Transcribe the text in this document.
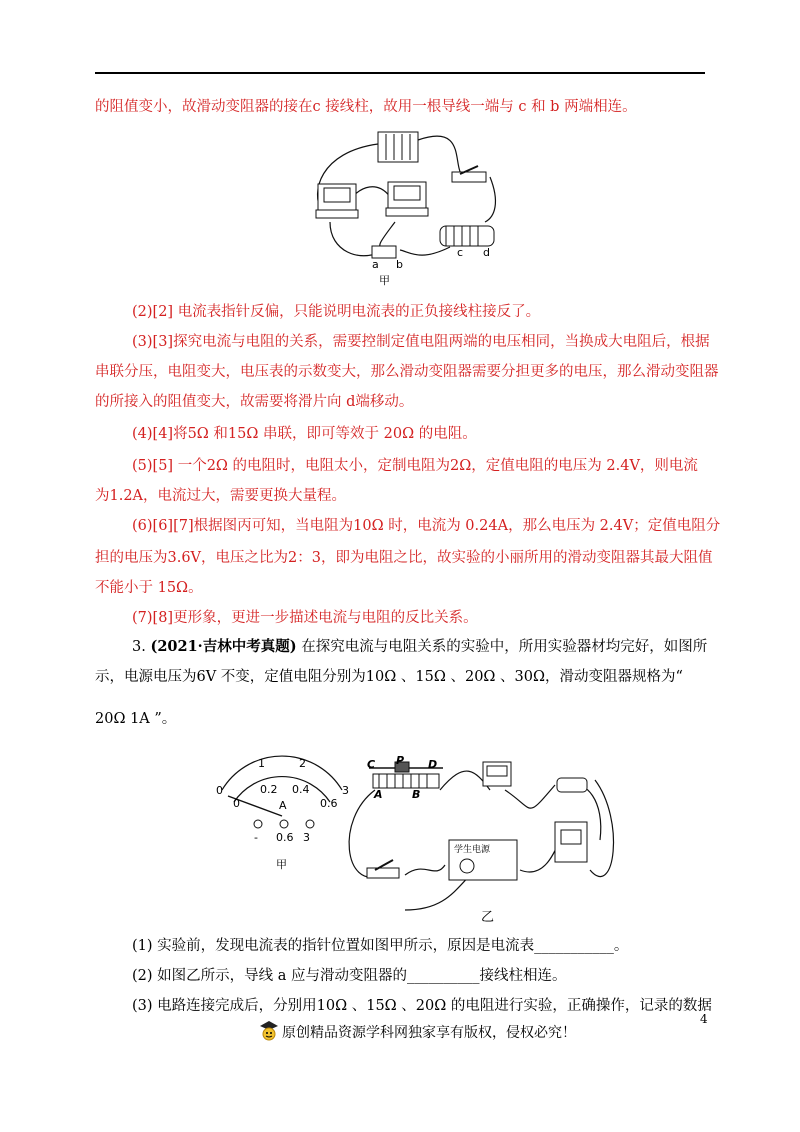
的阻值变小，故滑动变阻器的接在c 接线柱，故用一根导线一端与 c 和 b 两端相连。
a b
c d
甲
(2)[2] 电流表指针反偏，只能说明电流表的正负接线柱接反了。
(3)[3]探究电流与电阻的关系，需要控制定值电阻两端的电压相同，当换成大电阻后，根据
串联分压，电阻变大，电压表的示数变大，那么滑动变阻器需要分担更多的电压，那么滑动变阻器
的所接入的阻值变大，故需要将滑片向 d端移动。
(4)[4]将5Ω 和15Ω 串联，即可等效于 20Ω 的电阻。
(5)[5] 一个2Ω 的电阻时，电阻太小，定制电阻为2Ω，定值电阻的电压为 2.4V，则电流
为1.2A，电流过大，需要更换大量程。
(6)[6][7]根据图丙可知，当电阻为10Ω 时，电流为 0.24A，那么电压为 2.4V；定值电阻分
担的电压为3.6V，电压之比为2：3，即为电阻之比，故实验的小丽所用的滑动变阻器其最大阻值
不能小于 15Ω。
(7)[8]更形象，更进一步描述电流与电阻的反比关系。
3. (2021·吉林中考真题) 在探究电流与电阻关系的实验中，所用实验器材均完好，如图所
示，电源电压为6V 不变，定值电阻分别为10Ω 、15Ω 、20Ω 、30Ω，滑动变阻器规格为“
20Ω 1A ”。
1	2
0	3
0
0.2 0.4
0.6
A
- 0.6 3
甲
C P D
A	B
学生电源
乙
(1) 实验前，发现电流表的指针位置如图甲所示，原因是电流表___________。
(2) 如图乙所示，导线 a 应与滑动变阻器的__________接线柱相连。
(3) 电路连接完成后，分别用10Ω 、15Ω 、20Ω 的电阻进行实验，正确操作，记录的数据
4
原创精品资源学科网独家享有版权，侵权必究！
